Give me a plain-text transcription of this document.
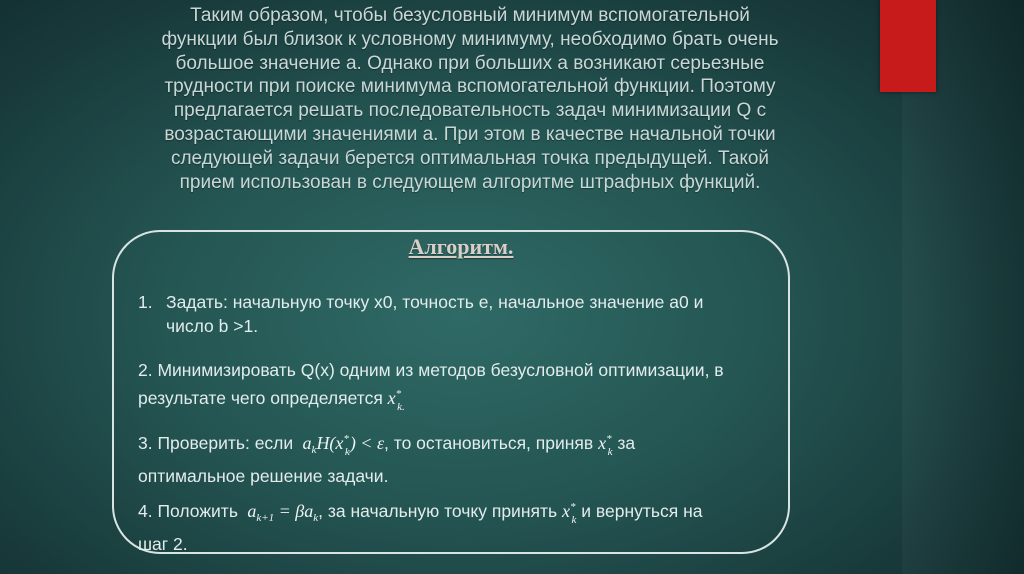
Таким образом, чтобы безусловный минимум вспомогательной
функции был близок к условному минимуму, необходимо брать очень
большое значение а. Однако при больших а возникают серьезные
трудности при поиске минимума вспомогательной функции. Поэтому
предлагается решать последовательность задач минимизации Q с
возрастающими значениями а. При этом в качестве начальной точки
следующей задачи берется оптимальная точка предыдущей. Такой
прием использован в следующем алгоритме штрафных функций.

Алгоритм.

1. Задать: начальную точку x0, точность e, начальное значение a0 и
число b >1.
2. Минимизировать Q(x) одним из методов безусловной оптимизации, в
результате чего определяется $x^*_{k.}$
3. Проверить: если  $a_kH(x^*_k) < \varepsilon$, то остановиться, приняв $x^*_k$ за
оптимальное решение задачи.
4. Положить  $a_{k+1} = \beta a_k$, за начальную точку принять $x^*_k$ и вернуться на
шаг 2.
